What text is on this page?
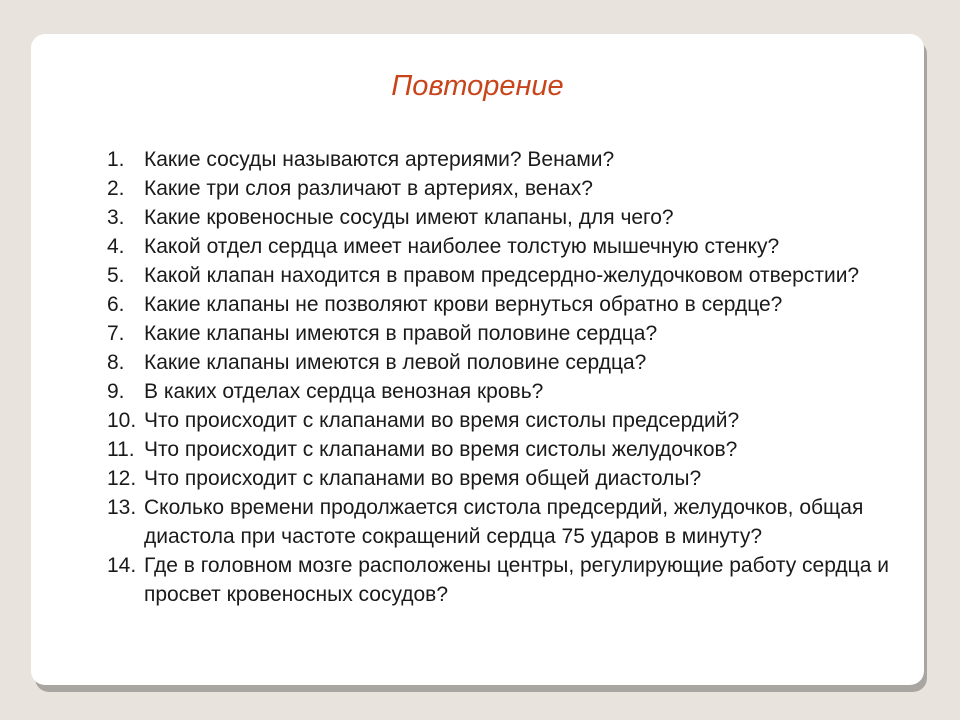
Повторение
1. Какие сосуды называются артериями? Венами?
2. Какие три слоя различают в артериях, венах?
3. Какие кровеносные сосуды имеют клапаны, для чего?
4. Какой отдел сердца имеет наиболее толстую мышечную стенку?
5. Какой клапан находится в правом предсердно-желудочковом отверстии?
6. Какие клапаны не позволяют крови вернуться обратно в сердце?
7. Какие клапаны имеются в правой половине сердца?
8. Какие клапаны имеются в левой половине сердца?
9. В каких отделах сердца венозная кровь?
10. Что происходит с клапанами во время систолы предсердий?
11. Что происходит с клапанами во время систолы желудочков?
12. Что происходит с клапанами во время общей диастолы?
13. Сколько времени продолжается систола предсердий, желудочков, общая диастола при частоте сокращений сердца 75 ударов в минуту?
14. Где в головном мозге расположены центры, регулирующие работу сердца и просвет кровеносных сосудов?
